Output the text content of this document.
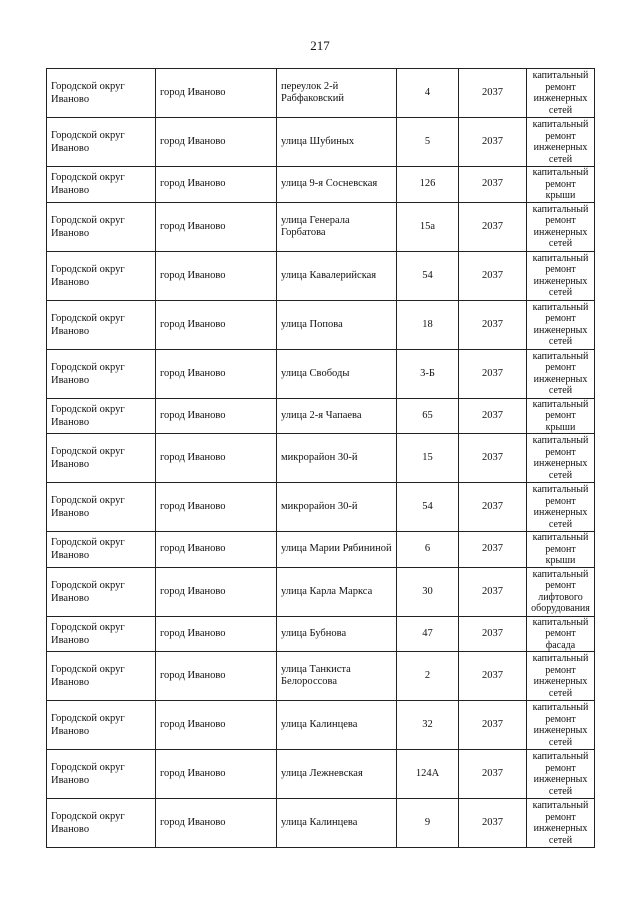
217
Городской округ Иваново	город Иваново	переулок 2-й Рабфаковский	4	2037	капитальный ремонт инженерных сетей
Городской округ Иваново	город Иваново	улица Шубиных	5	2037	капитальный ремонт инженерных сетей
Городской округ Иваново	город Иваново	улица 9-я Сосневская	126	2037	капитальный ремонт крыши
Городской округ Иваново	город Иваново	улица Генерала Горбатова	15а	2037	капитальный ремонт инженерных сетей
Городской округ Иваново	город Иваново	улица Кавалерийская	54	2037	капитальный ремонт инженерных сетей
Городской округ Иваново	город Иваново	улица Попова	18	2037	капитальный ремонт инженерных сетей
Городской округ Иваново	город Иваново	улица Свободы	3-Б	2037	капитальный ремонт инженерных сетей
Городской округ Иваново	город Иваново	улица 2-я Чапаева	65	2037	капитальный ремонт крыши
Городской округ Иваново	город Иваново	микрорайон 30-й	15	2037	капитальный ремонт инженерных сетей
Городской округ Иваново	город Иваново	микрорайон 30-й	54	2037	капитальный ремонт инженерных сетей
Городской округ Иваново	город Иваново	улица Марии Рябининой	6	2037	капитальный ремонт крыши
Городской округ Иваново	город Иваново	улица Карла Маркса	30	2037	капитальный ремонт лифтового оборудования
Городской округ Иваново	город Иваново	улица Бубнова	47	2037	капитальный ремонт фасада
Городской округ Иваново	город Иваново	улица Танкиста Белороссова	2	2037	капитальный ремонт инженерных сетей
Городской округ Иваново	город Иваново	улица Калинцева	32	2037	капитальный ремонт инженерных сетей
Городской округ Иваново	город Иваново	улица Лежневская	124А	2037	капитальный ремонт инженерных сетей
Городской округ Иваново	город Иваново	улица Калинцева	9	2037	капитальный ремонт инженерных сетей
